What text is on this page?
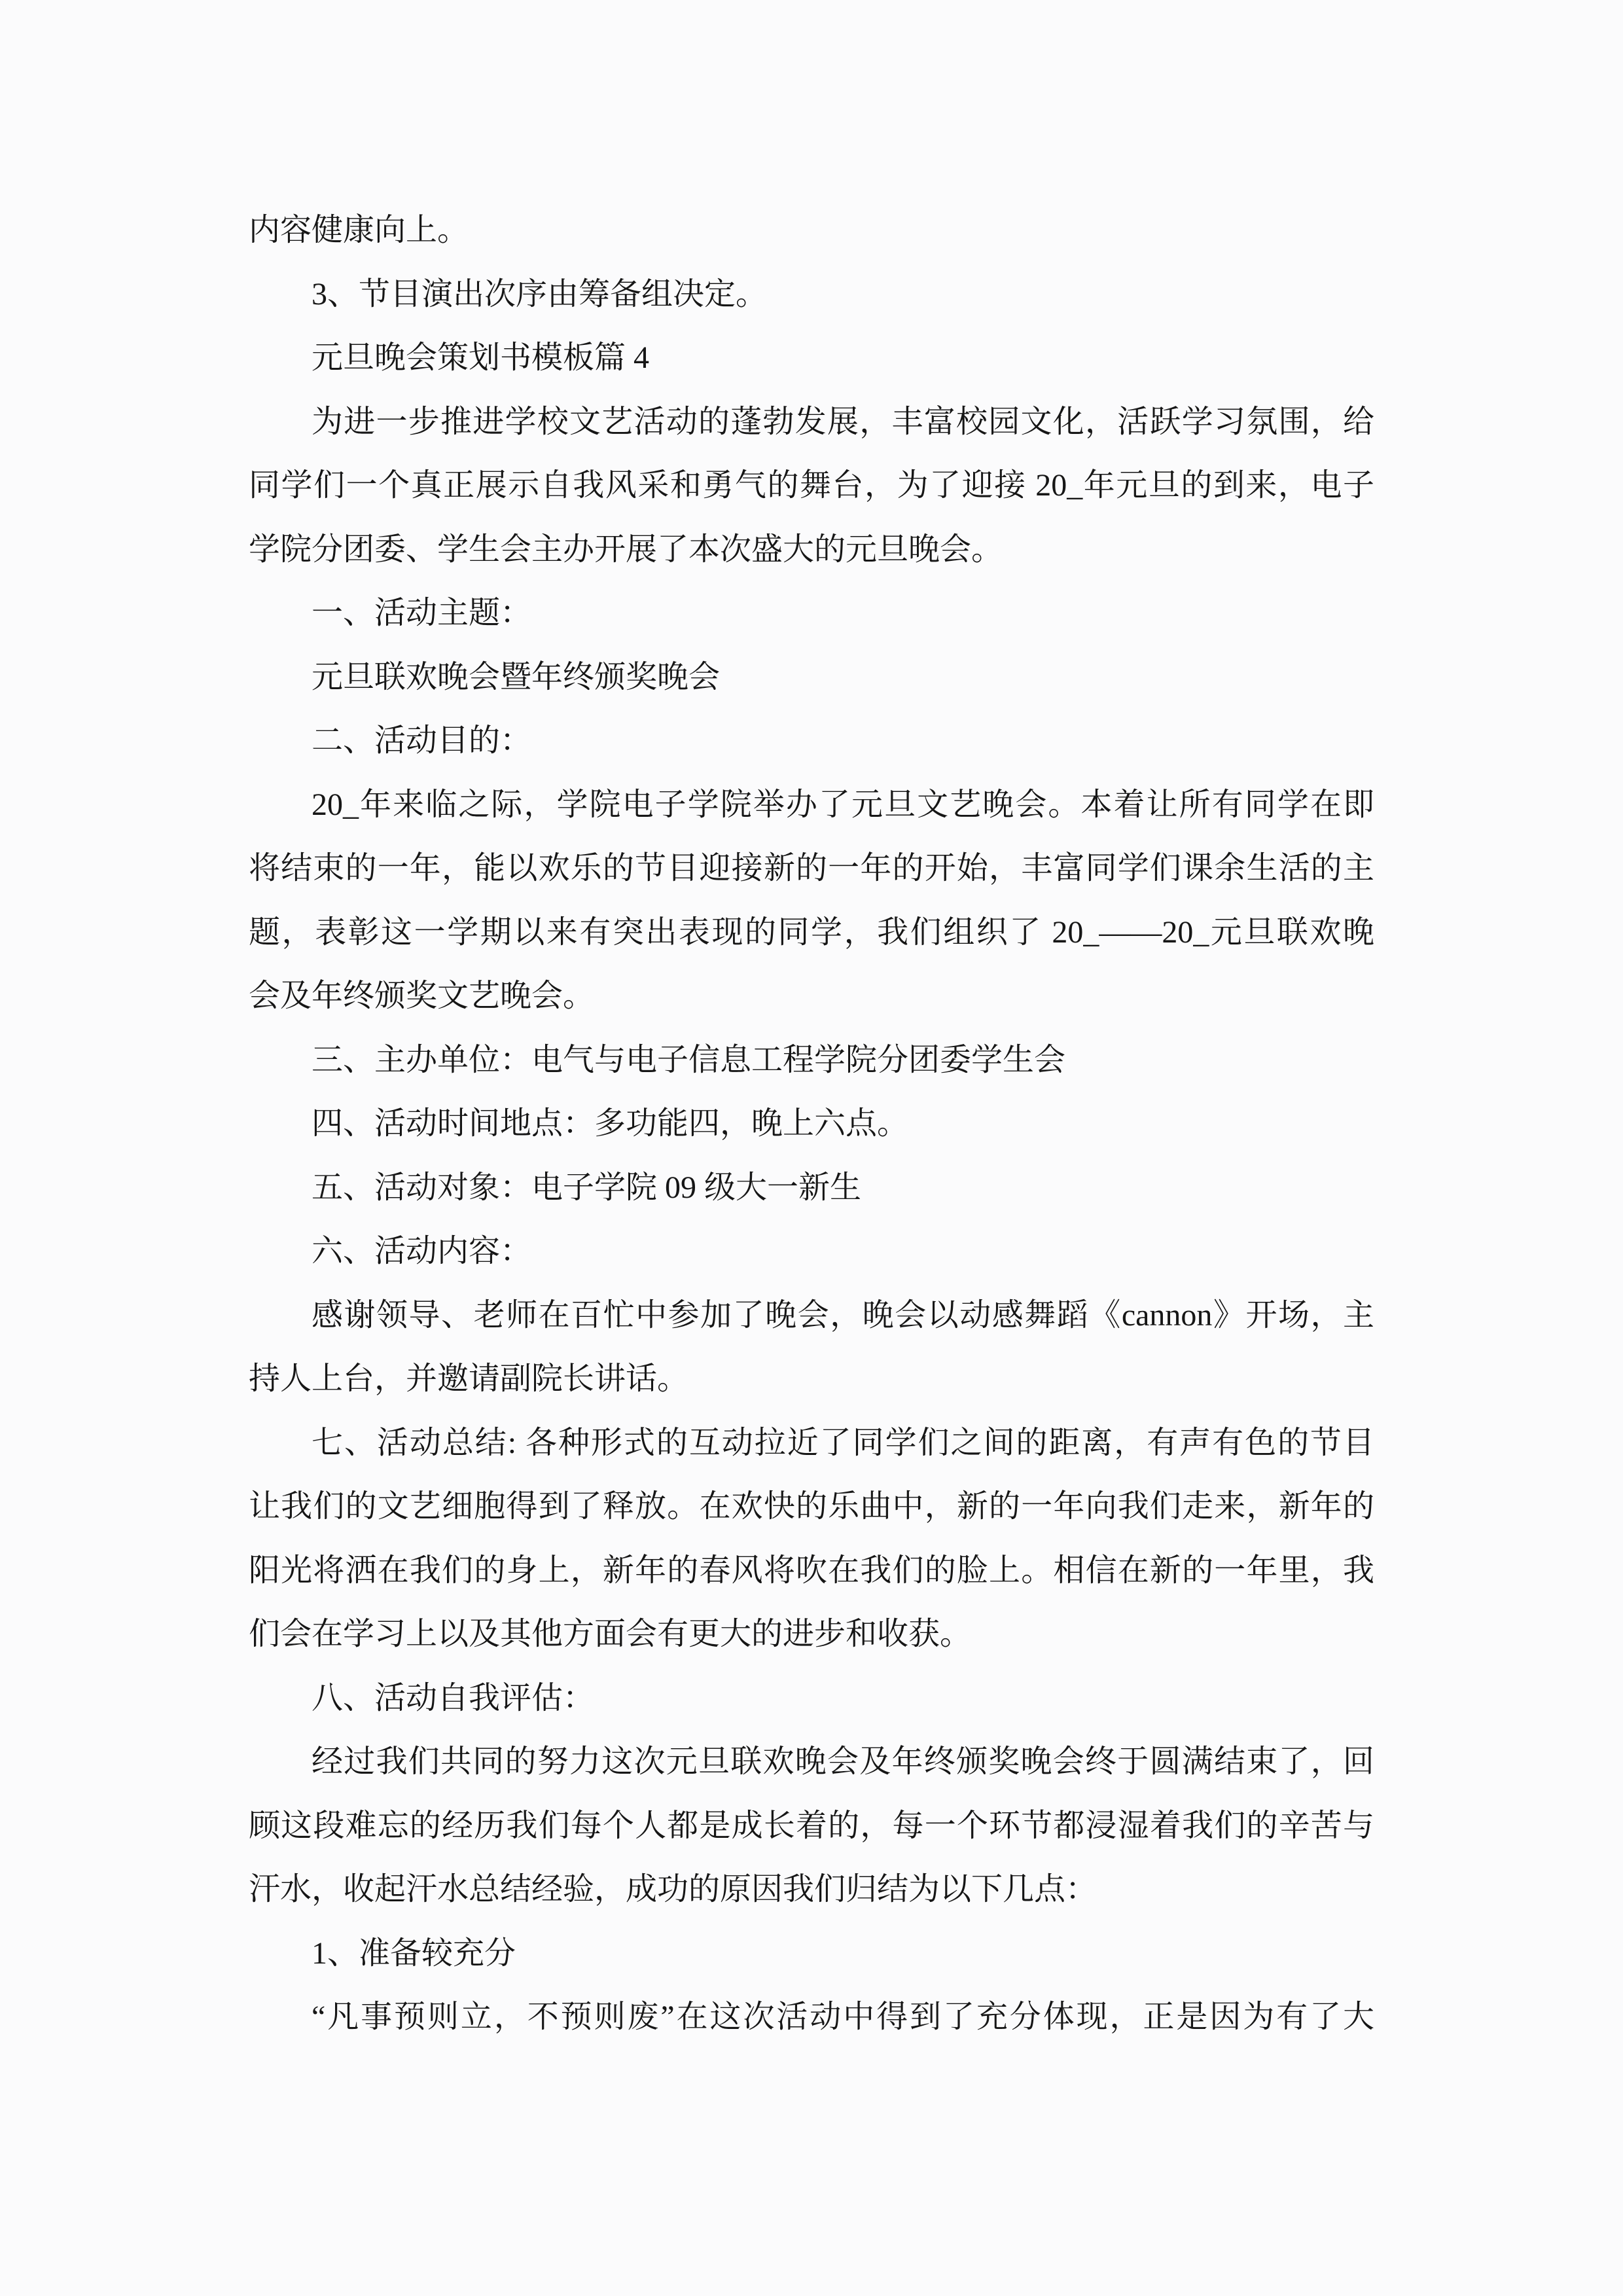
内容健康向上。
3、节目演出次序由筹备组决定。
元旦晚会策划书模板篇 4
为进一步推进学校文艺活动的蓬勃发展，丰富校园文化，活跃学习氛围，给
同学们一个真正展示自我风采和勇气的舞台，为了迎接 20_年元旦的到来，电子
学院分团委、学生会主办开展了本次盛大的元旦晚会。
一、活动主题：
元旦联欢晚会暨年终颁奖晚会
二、活动目的：
20_年来临之际，学院电子学院举办了元旦文艺晚会。本着让所有同学在即
将结束的一年，能以欢乐的节目迎接新的一年的开始，丰富同学们课余生活的主
题，表彰这一学期以来有突出表现的同学，我们组织了 20_——20_元旦联欢晚
会及年终颁奖文艺晚会。
三、主办单位：电气与电子信息工程学院分团委学生会
四、活动时间地点：多功能四，晚上六点。
五、活动对象：电子学院 09 级大一新生
六、活动内容：
感谢领导、老师在百忙中参加了晚会，晚会以动感舞蹈《cannon》开场，主
持人上台，并邀请副院长讲话。
七、活动总结: 各种形式的互动拉近了同学们之间的距离，有声有色的节目
让我们的文艺细胞得到了释放。在欢快的乐曲中，新的一年向我们走来，新年的
阳光将洒在我们的身上，新年的春风将吹在我们的脸上。相信在新的一年里，我
们会在学习上以及其他方面会有更大的进步和收获。
八、活动自我评估：
经过我们共同的努力这次元旦联欢晚会及年终颁奖晚会终于圆满结束了，回
顾这段难忘的经历我们每个人都是成长着的，每一个环节都浸湿着我们的辛苦与
汗水，收起汗水总结经验，成功的原因我们归结为以下几点：
1、准备较充分
“凡事预则立，不预则废”在这次活动中得到了充分体现，正是因为有了大
